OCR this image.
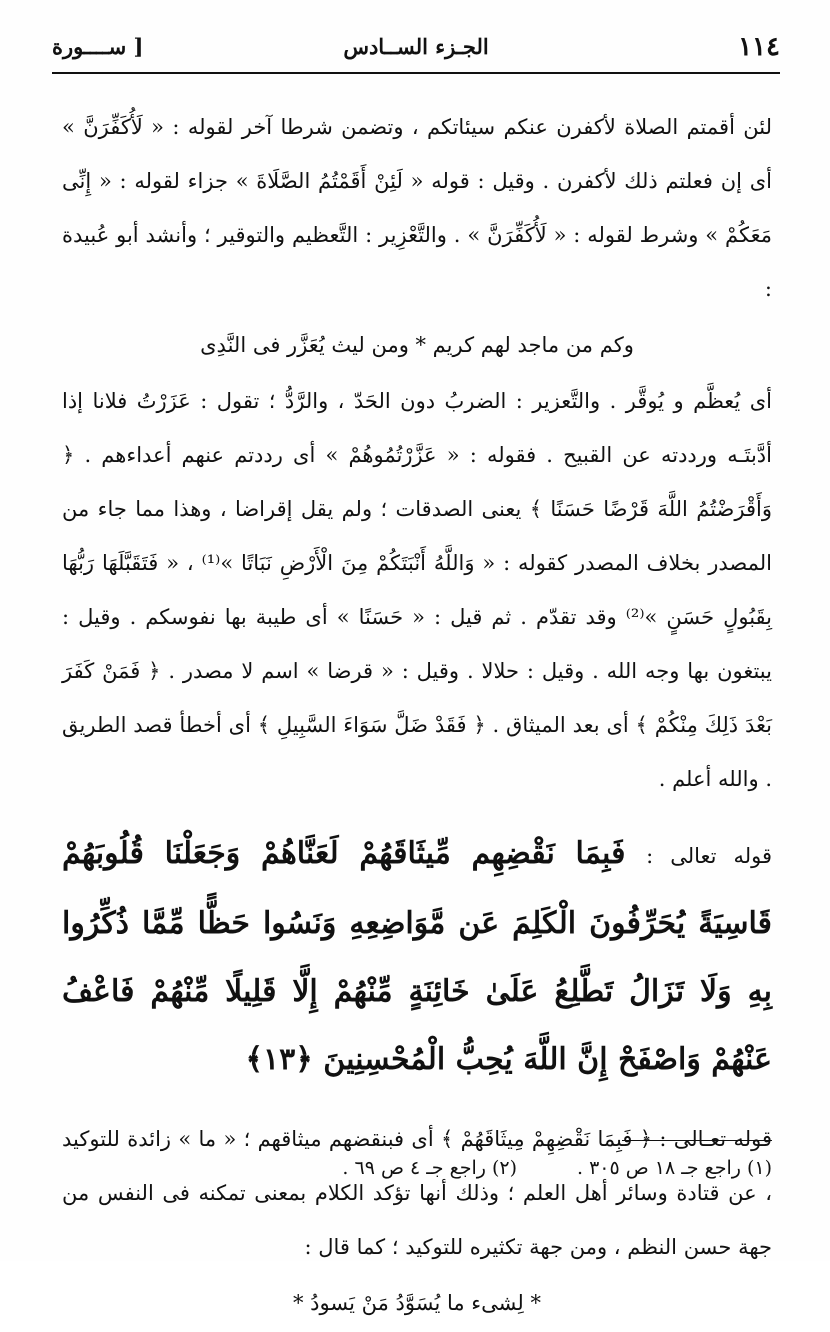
١١٤
الجـزء الســادس
[ ســــورة

لئن أقمتم الصلاة لأكفرن عنكم سيئاتكم ، وتضمن شرطا آخر لقوله : « لَأُكَفِّرَنَّ » أى إن فعلتم ذلك لأكفرن . وقيل : قوله « لَئِنْ أَقَمْتُمُ الصَّلَاةَ » جزاء لقوله : « إِنِّى مَعَكُمْ » وشرط لقوله : « لَأُكَفِّرَنَّ » . والتَّعْزِير : التَّعظيم والتوقير ؛ وأنشد أبو عُبيدة :

وكم من ماجد لهم كريم * ومن ليث يُعَزَّر فى النَّدِى

أى يُعظَّم و يُوقَّر . والتَّعزير : الضربُ دون الحَدّ ، والرَّدُّ ؛ تقول : عَزَرْتُ فلانا إذا أدَّبتَـه ورددته عن القبيح . فقوله : « عَزَّرْتُمُوهُمْ » أى رددتم عنهم أعداءهم . ﴿ وَأَقْرَضْتُمُ اللَّهَ قَرْضًا حَسَنًا ﴾ يعنى الصدقات ؛ ولم يقل إقراضا ، وهذا مما جاء من المصدر بخلاف المصدر كقوله : « وَاللَّهُ أَنْبَتَكُمْ مِنَ الْأَرْضِ نَبَاتًا »⁽¹⁾ ، « فَتَقَبَّلَهَا رَبُّهَا بِقَبُولٍ حَسَنٍ »⁽²⁾ وقد تقدّم . ثم قيل : « حَسَنًا » أى طيبة بها نفوسكم . وقيل : يبتغون بها وجه الله . وقيل : حلالا . وقيل : « قرضا » اسم لا مصدر . ﴿ فَمَنْ كَفَرَ بَعْدَ ذَلِكَ مِنْكُمْ ﴾ أى بعد الميثاق . ﴿ فَقَدْ ضَلَّ سَوَاءَ السَّبِيلِ ﴾ أى أخطأ قصد الطريق . والله أعلم .

قوله تعالى : فَبِمَا نَقْضِهِم مِّيثَاقَهُمْ لَعَنَّاهُمْ وَجَعَلْنَا قُلُوبَهُمْ قَاسِيَةً يُحَرِّفُونَ الْكَلِمَ عَن مَّوَاضِعِهِ وَنَسُوا حَظًّا مِّمَّا ذُكِّرُوا بِهِ وَلَا تَزَالُ تَطَّلِعُ عَلَىٰ خَائِنَةٍ مِّنْهُمْ إِلَّا قَلِيلًا مِّنْهُمْ فَاعْفُ عَنْهُمْ وَاصْفَحْ إِنَّ اللَّهَ يُحِبُّ الْمُحْسِنِينَ ﴿١٣﴾

قوله تعـالى : ﴿ فَبِمَا نَقْضِهِمْ مِيثَاقَهُمْ ﴾ أى فبنقضهم ميثاقهم ؛ « ما » زائدة للتوكيد ، عن قتادة وسائر أهل العلم ؛ وذلك أنها تؤكد الكلام بمعنى تمكنه فى النفس من جهة حسن النظم ، ومن جهة تكثيره للتوكيد ؛ كما قال :

* لِشىء ما يُسَوَّدُ مَنْ يَسودُ *

(١) راجع جـ ١٨ ص ٣٠٥ .
(٢) راجع جـ ٤ ص ٦٩ .
